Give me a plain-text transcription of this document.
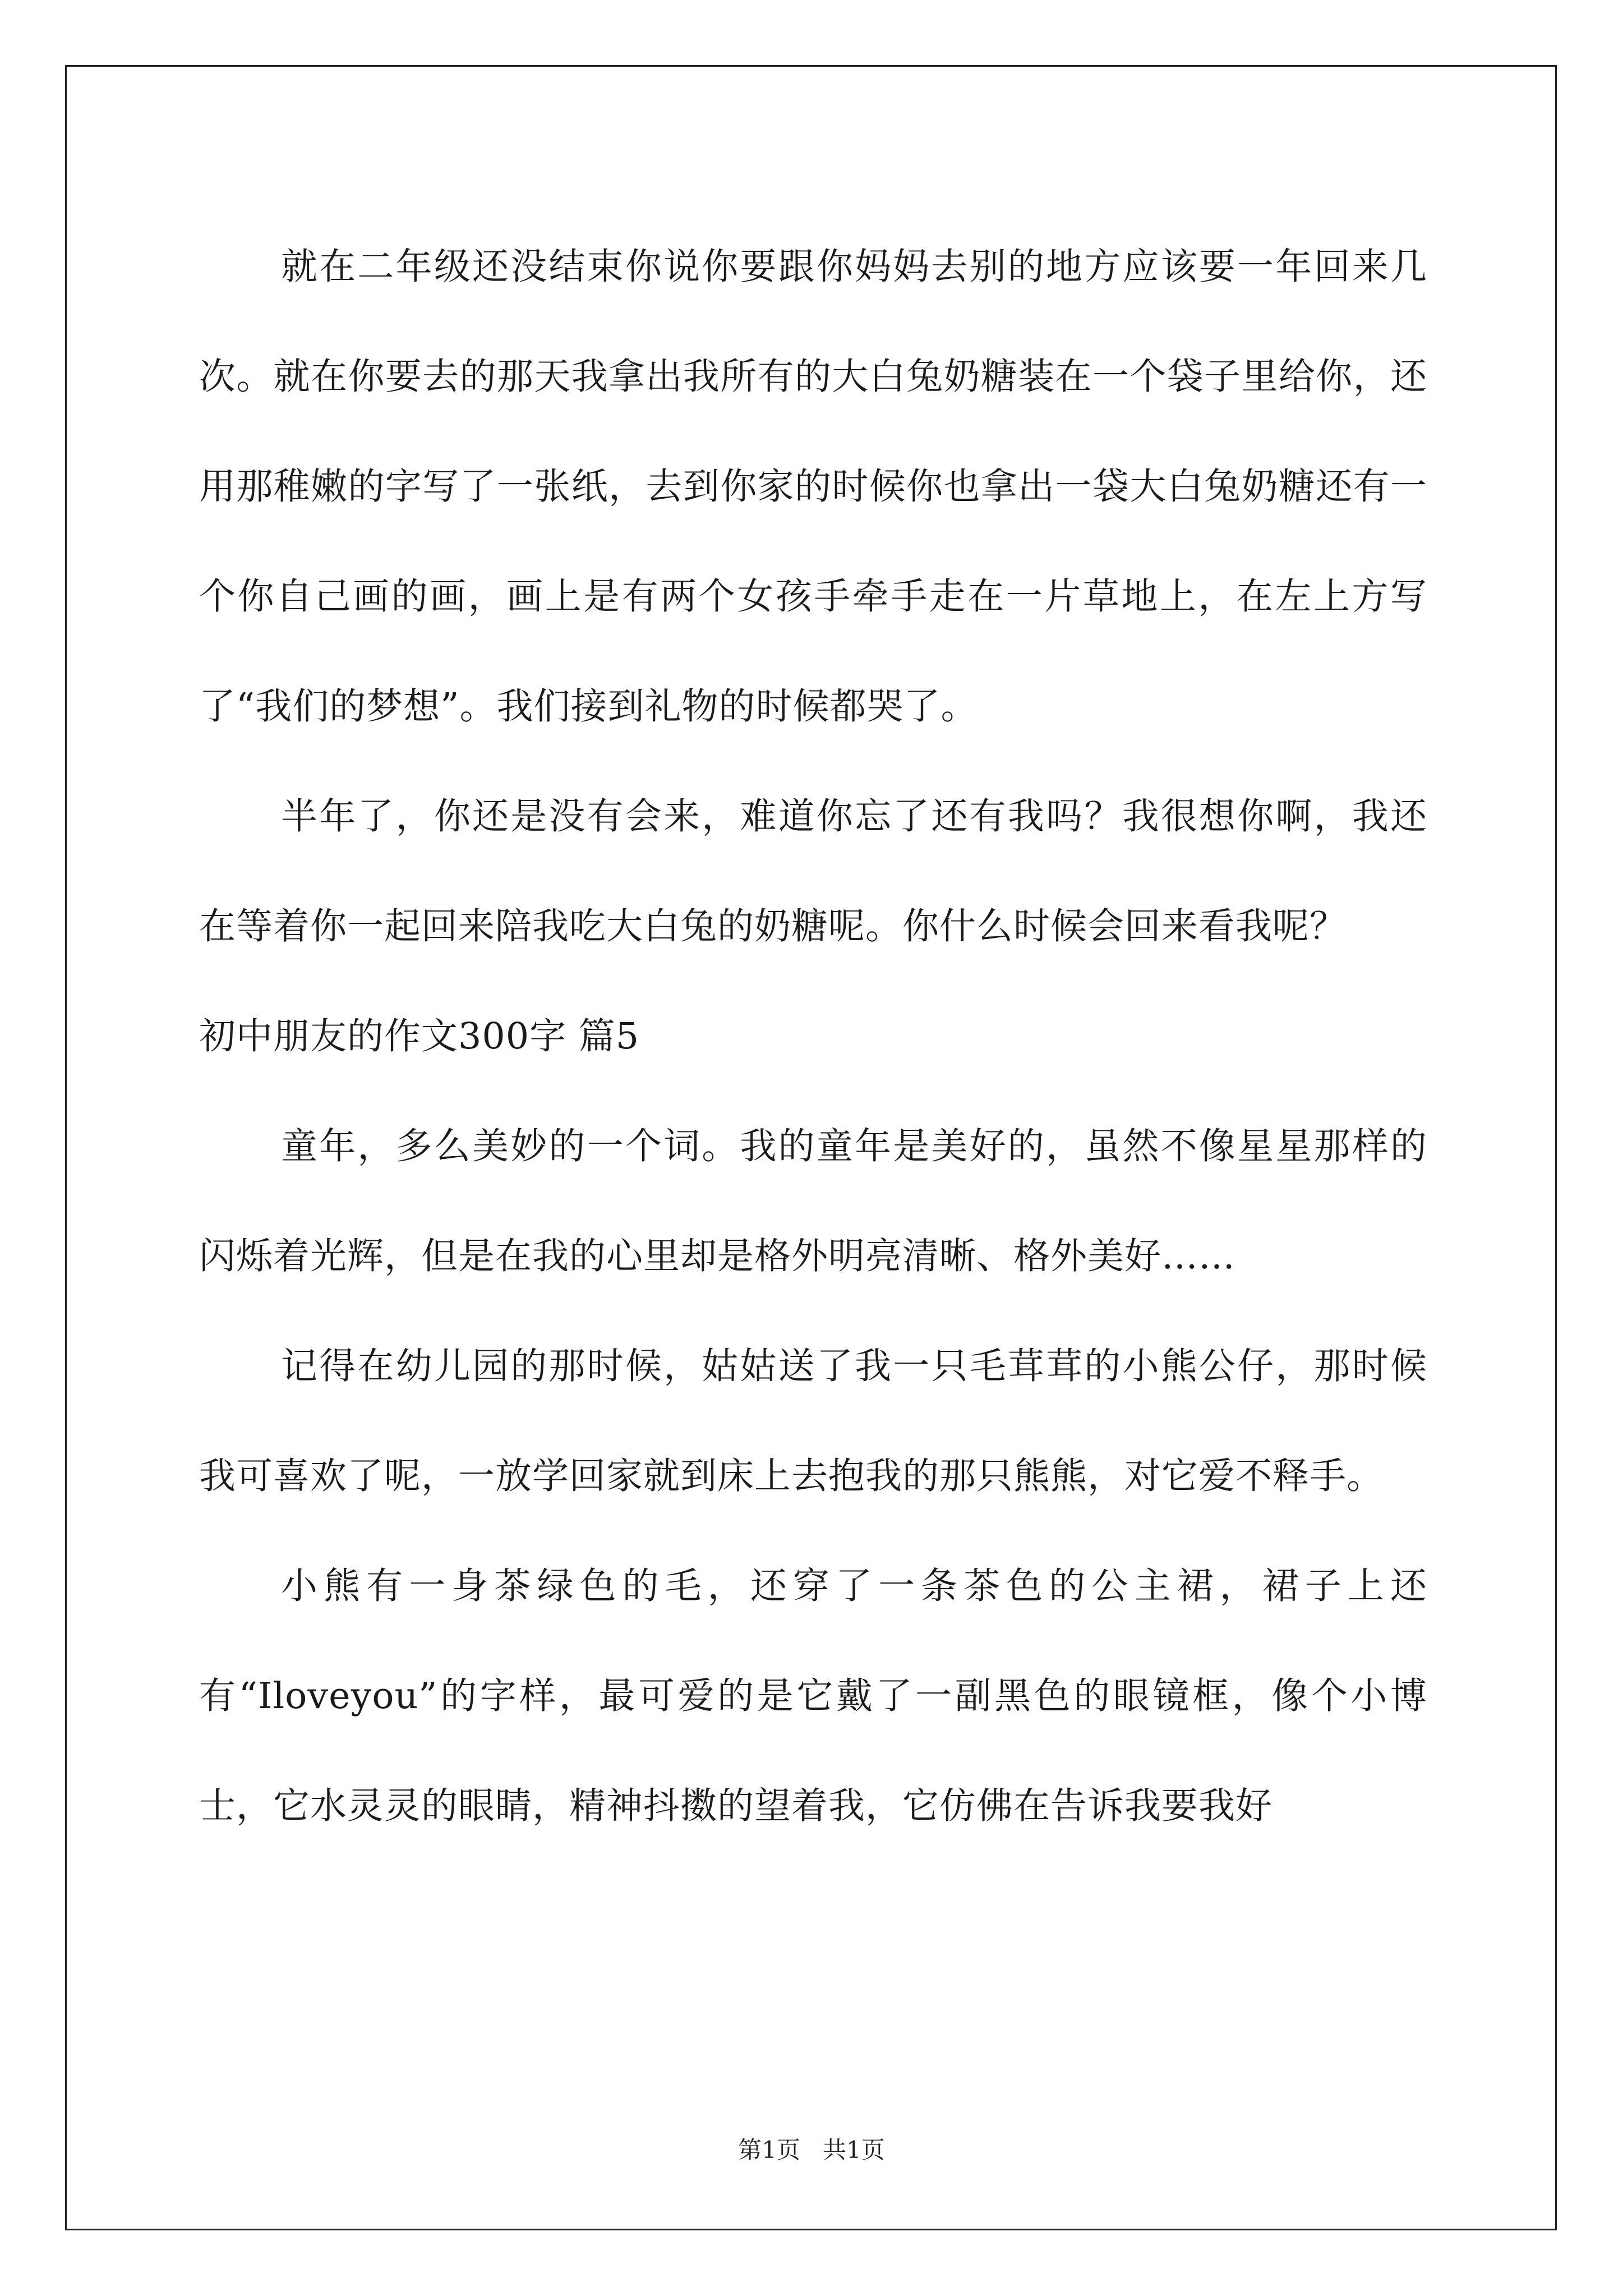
就在二年级还没结束你说你要跟你妈妈去别的地方应该要一年回来几次。就在你要去的那天我拿出我所有的大白兔奶糖装在一个袋子里给你，还用那稚嫩的字写了一张纸，去到你家的时候你也拿出一袋大白兔奶糖还有一个你自己画的画，画上是有两个女孩手牵手走在一片草地上，在左上方写了“我们的梦想”。我们接到礼物的时候都哭了。

半年了，你还是没有会来，难道你忘了还有我吗？我很想你啊，我还在等着你一起回来陪我吃大白兔的奶糖呢。你什么时候会回来看我呢？

初中朋友的作文300字 篇5

童年，多么美妙的一个词。我的童年是美好的，虽然不像星星那样的闪烁着光辉，但是在我的心里却是格外明亮清晰、格外美好……

记得在幼儿园的那时候，姑姑送了我一只毛茸茸的小熊公仔，那时候我可喜欢了呢，一放学回家就到床上去抱我的那只熊熊，对它爱不释手。

小熊有一身茶绿色的毛，还穿了一条茶色的公主裙，裙子上还有“Iloveyou”的字样，最可爱的是它戴了一副黑色的眼镜框，像个小博士，它水灵灵的眼睛，精神抖擞的望着我，它仿佛在告诉我要我好

第1页   共1页
